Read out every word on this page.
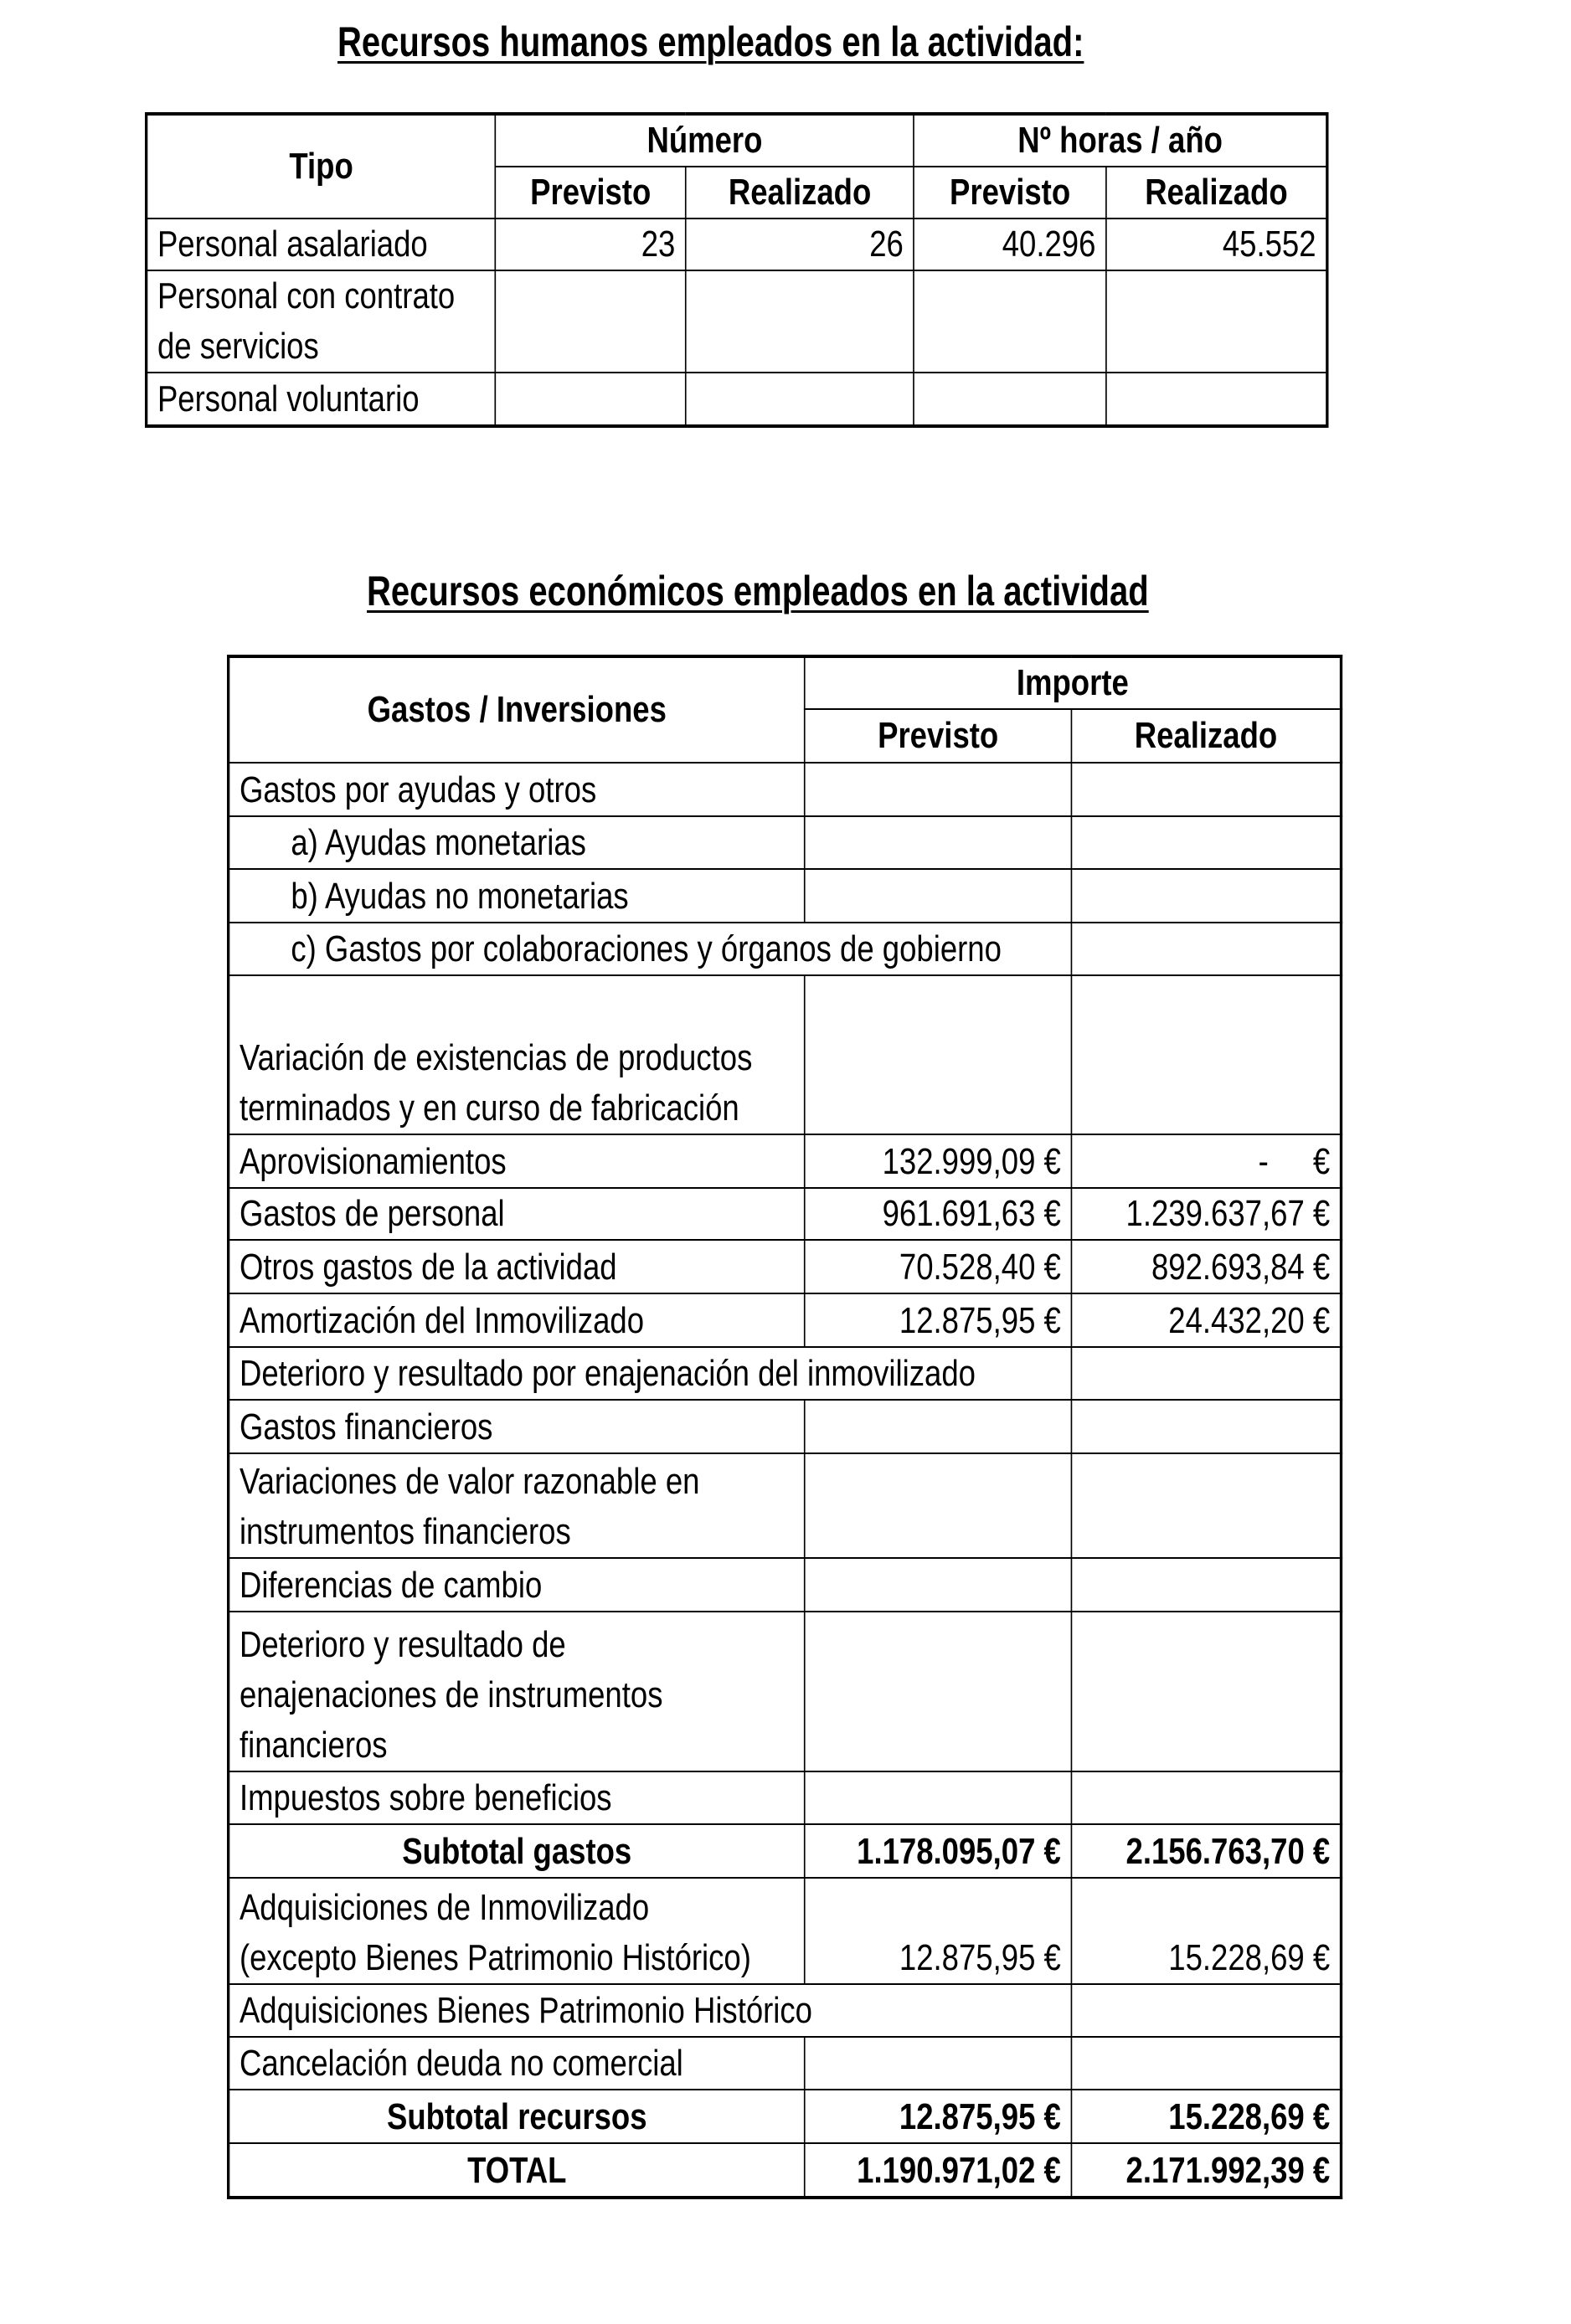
Recursos humanos empleados en la actividad:
Tipo	Número		Nº horas / año	
	Previsto	Realizado	Previsto	Realizado

Personal asalariado	23	26	40.296	45.552

Personal con contrato
de servicios				

Personal voluntario				

Recursos económicos empleados en la actividad
Gastos / Inversiones	Importe	
	Previsto	Realizado

Gastos por ayudas y otros		

a) Ayudas monetarias		

b) Ayudas no monetarias		

c) Gastos por colaboraciones y órganos de gobierno		

Variación de existencias de productos
terminados y en curso de fabricación		

Aprovisionamientos	132.999,09 €	- €

Gastos de personal	961.691,63 €	1.239.637,67 €

Otros gastos de la actividad	70.528,40 €	892.693,84 €

Amortización del Inmovilizado	12.875,95 €	24.432,20 €

Deterioro y resultado por enajenación del inmovilizado		

Gastos financieros		

Variaciones de valor razonable en
instrumentos financieros		

Diferencias de cambio		

Deterioro y resultado de
enajenaciones de instrumentos
financieros		

Impuestos sobre beneficios		

Subtotal gastos	1.178.095,07 €	2.156.763,70 €

Adquisiciones de Inmovilizado
(excepto Bienes Patrimonio Histórico)	12.875,95 €	15.228,69 €

Adquisiciones Bienes Patrimonio Histórico		

Cancelación deuda no comercial		

Subtotal recursos	12.875,95 €	15.228,69 €

TOTAL	1.190.971,02 €	2.171.992,39 €
